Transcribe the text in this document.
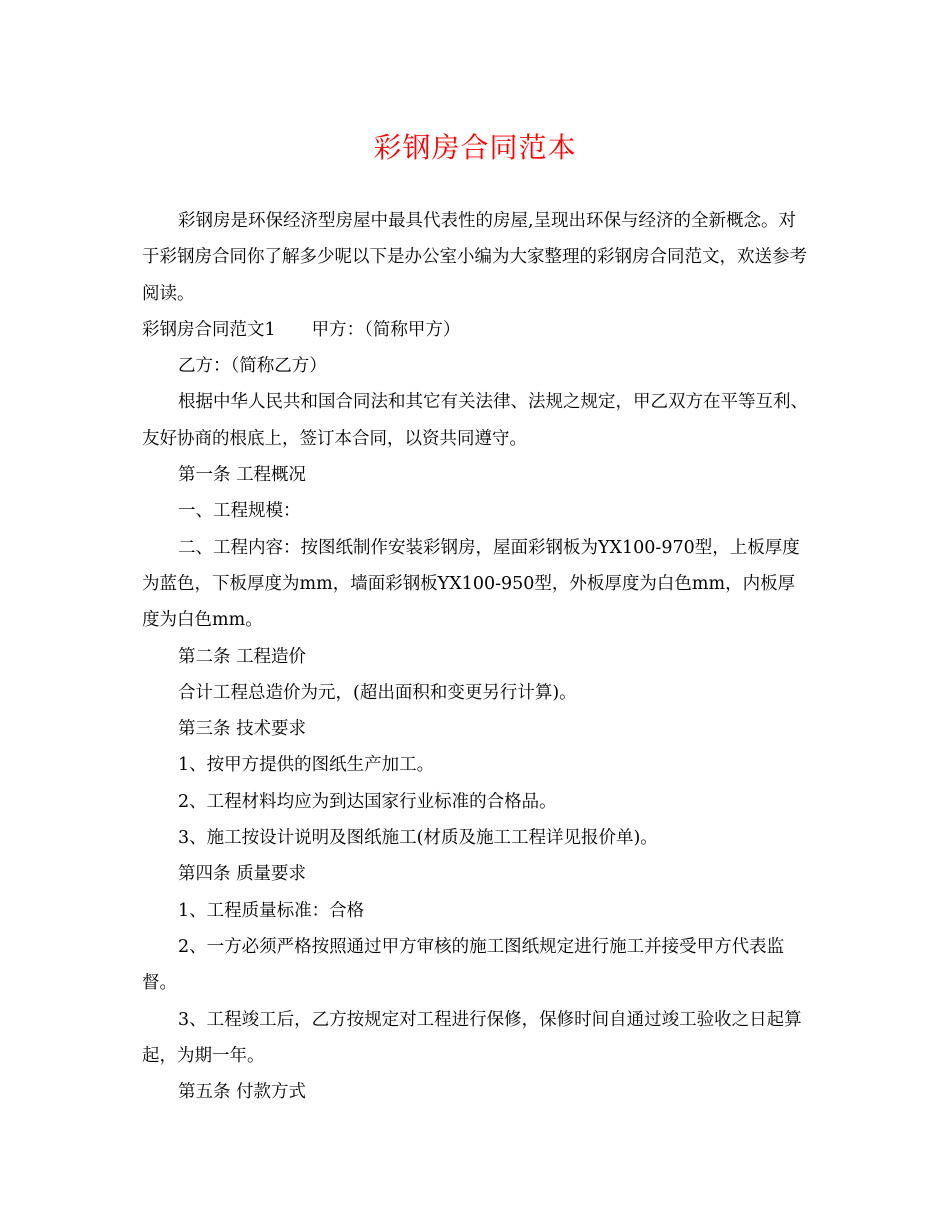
彩钢房合同范本

彩钢房是环保经济型房屋中最具代表性的房屋,呈现出环保与经济的全新概念。对于彩钢房合同你了解多少呢以下是办公室小编为大家整理的彩钢房合同范文，欢送参考阅读。

彩钢房合同范文1 甲方：（简称甲方）

乙方：（简称乙方）

根据中华人民共和国合同法和其它有关法律、法规之规定，甲乙双方在平等互利、友好协商的根底上，签订本合同，以资共同遵守。

第一条 工程概况

一、工程规模：

二、工程内容：按图纸制作安装彩钢房，屋面彩钢板为YX100-970型，上板厚度为蓝色，下板厚度为mm，墙面彩钢板YX100-950型，外板厚度为白色mm，内板厚度为白色mm。

第二条 工程造价

合计工程总造价为元，(超出面积和变更另行计算)。

第三条 技术要求

1、按甲方提供的图纸生产加工。

2、工程材料均应为到达国家行业标准的合格品。

3、施工按设计说明及图纸施工(材质及施工工程详见报价单)。

第四条 质量要求

1、工程质量标准：合格

2、一方必须严格按照通过甲方审核的施工图纸规定进行施工并接受甲方代表监督。

3、工程竣工后，乙方按规定对工程进行保修，保修时间自通过竣工验收之日起算起，为期一年。

第五条 付款方式
